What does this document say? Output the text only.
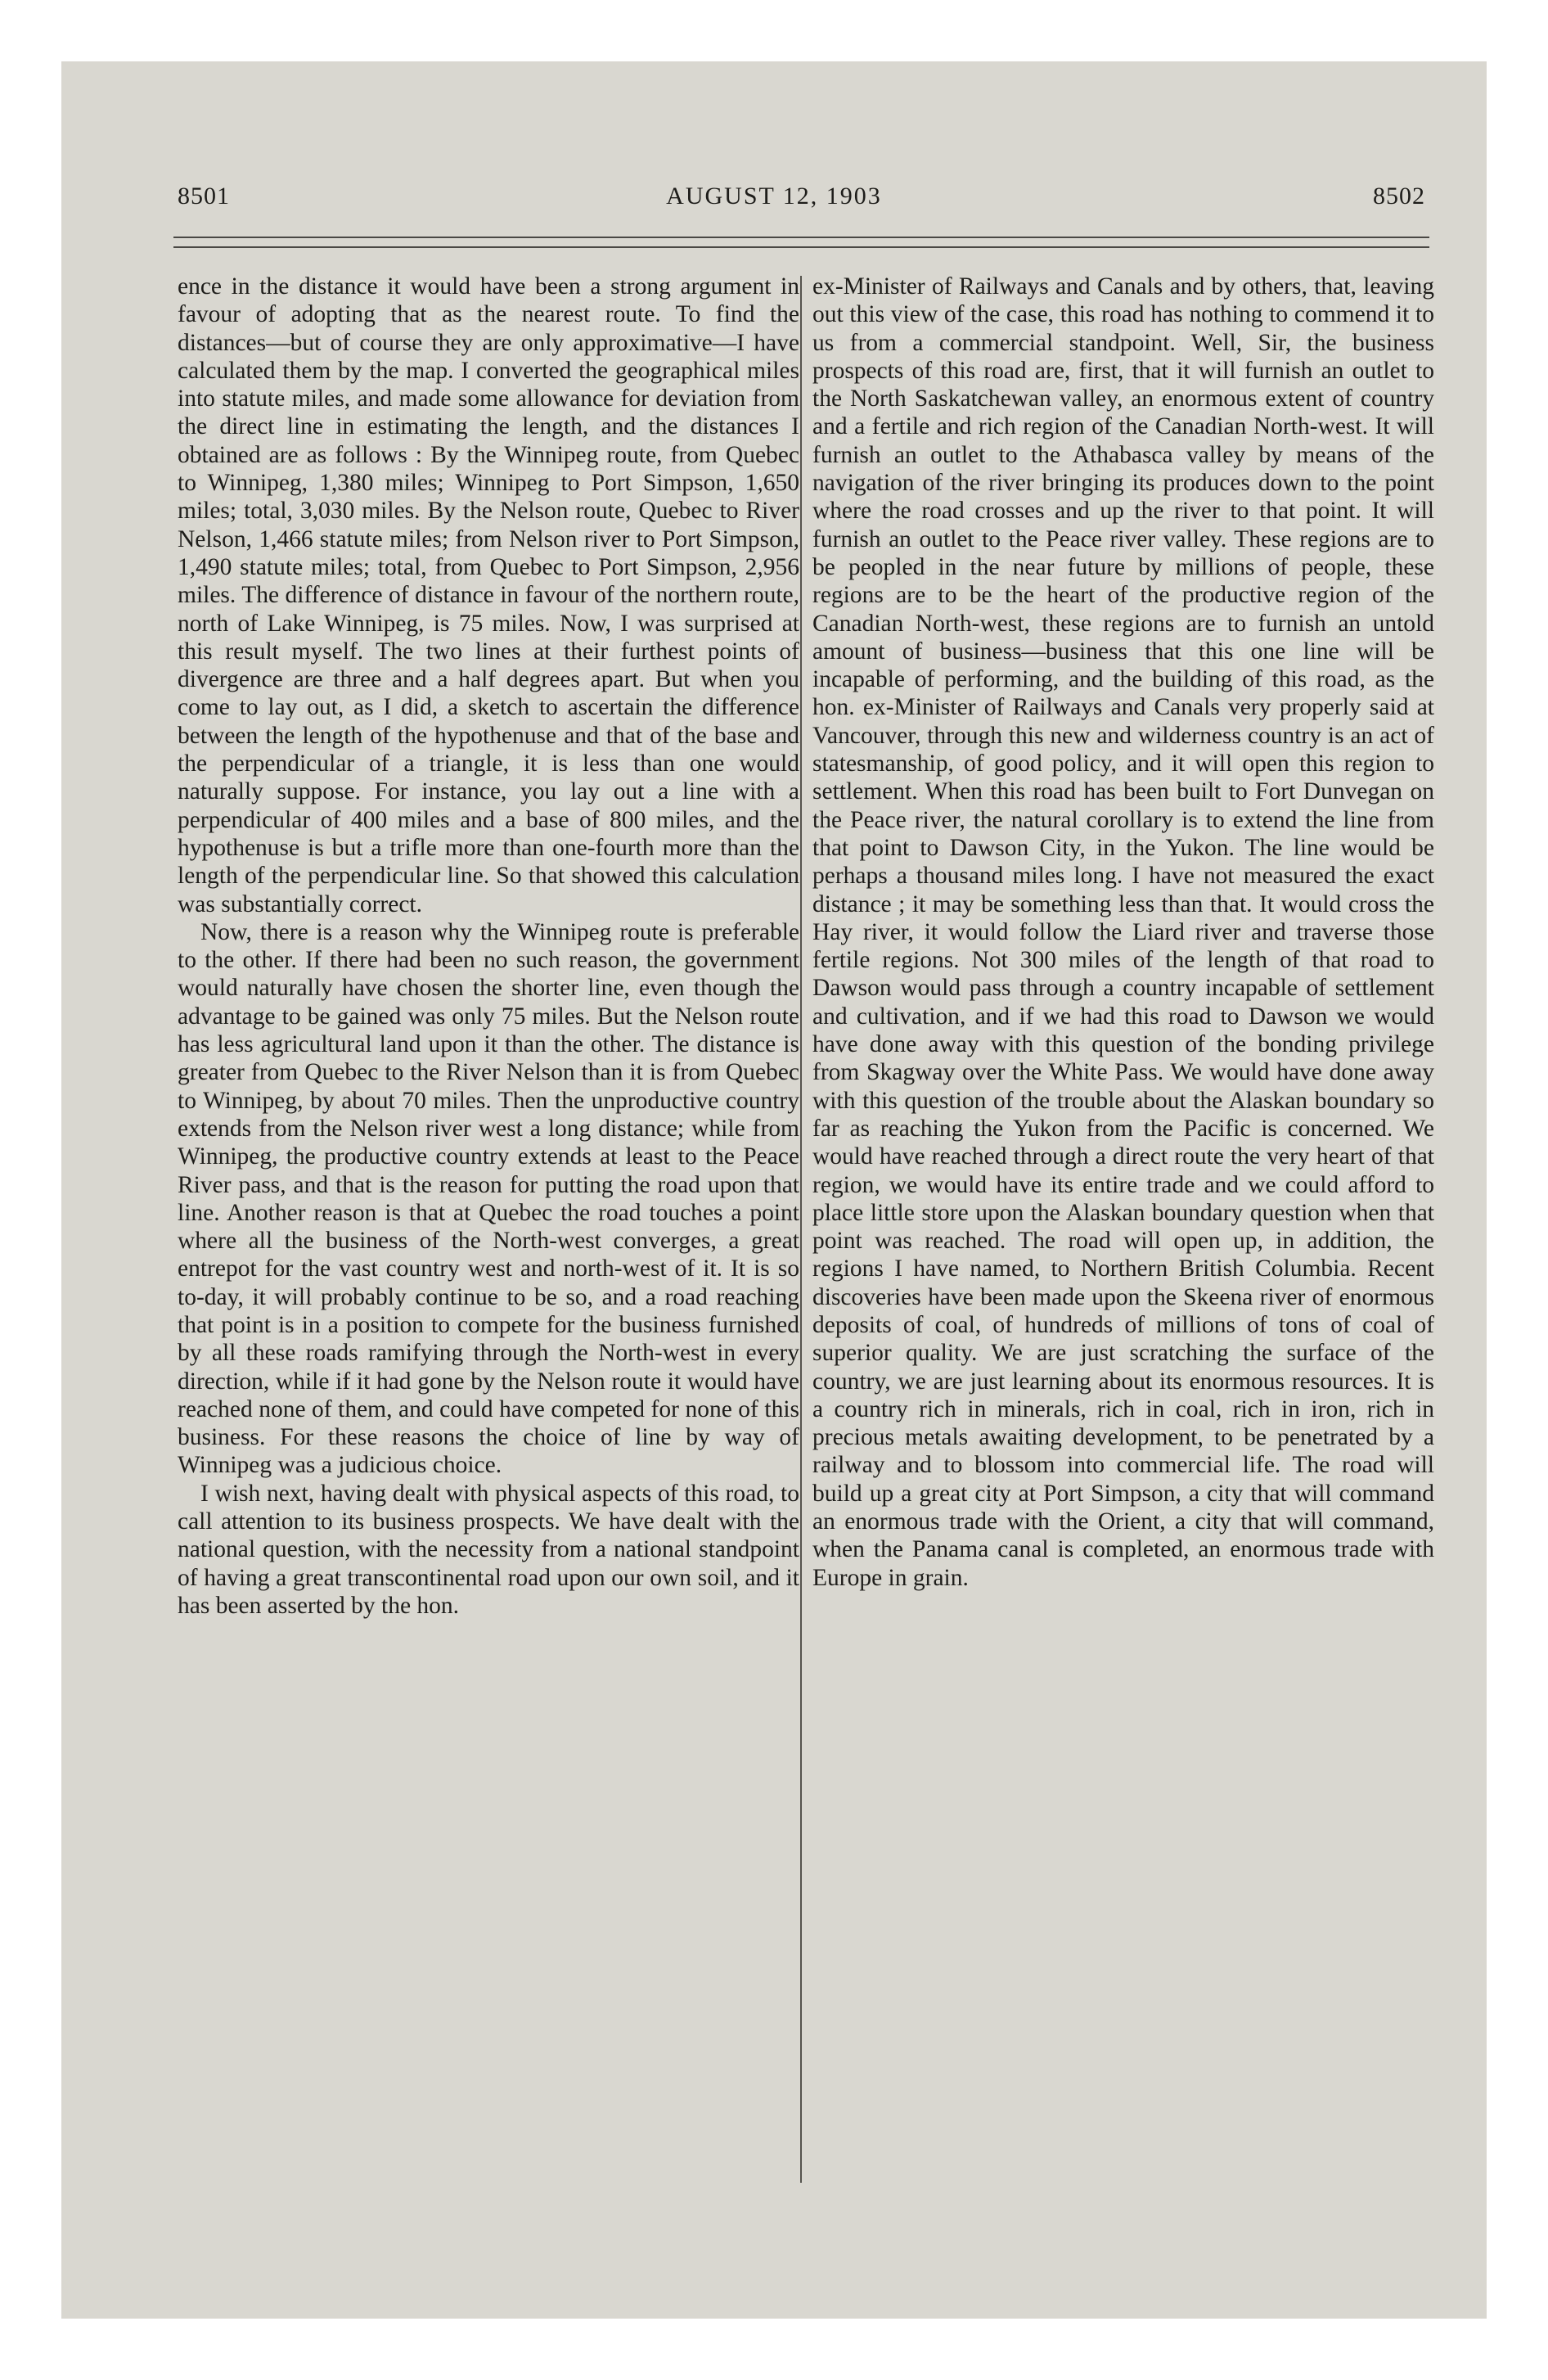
8501	AUGUST 12, 1903	8502

ence in the distance it would have been a strong argument in favour of adopting that as the nearest route. To find the distances—but of course they are only approximative—I have calculated them by the map. I converted the geographical miles into statute miles, and made some allowance for deviation from the direct line in estimating the length, and the distances I obtained are as follows : By the Winnipeg route, from Quebec to Winnipeg, 1,380 miles; Winnipeg to Port Simpson, 1,650 miles; total, 3,030 miles. By the Nelson route, Quebec to River Nelson, 1,466 statute miles; from Nelson river to Port Simpson, 1,490 statute miles; total, from Quebec to Port Simpson, 2,956 miles. The difference of distance in favour of the northern route, north of Lake Winnipeg, is 75 miles. Now, I was surprised at this result myself. The two lines at their furthest points of divergence are three and a half degrees apart. But when you come to lay out, as I did, a sketch to ascertain the difference between the length of the hypothenuse and that of the base and the perpendicular of a triangle, it is less than one would naturally suppose. For instance, you lay out a line with a perpendicular of 400 miles and a base of 800 miles, and the hypothenuse is but a trifle more than one-fourth more than the length of the perpendicular line. So that showed this calculation was substantially correct.

Now, there is a reason why the Winnipeg route is preferable to the other. If there had been no such reason, the government would naturally have chosen the shorter line, even though the advantage to be gained was only 75 miles. But the Nelson route has less agricultural land upon it than the other. The distance is greater from Quebec to the River Nelson than it is from Quebec to Winnipeg, by about 70 miles. Then the unproductive country extends from the Nelson river west a long distance; while from Winnipeg, the productive country extends at least to the Peace River pass, and that is the reason for putting the road upon that line. Another reason is that at Quebec the road touches a point where all the business of the North-west converges, a great entrepot for the vast country west and north-west of it. It is so to-day, it will probably continue to be so, and a road reaching that point is in a position to compete for the business furnished by all these roads ramifying through the North-west in every direction, while if it had gone by the Nelson route it would have reached none of them, and could have competed for none of this business. For these reasons the choice of line by way of Winnipeg was a judicious choice.

I wish next, having dealt with physical aspects of this road, to call attention to its business prospects. We have dealt with the national question, with the necessity from a national standpoint of having a great transcontinental road upon our own soil, and it has been asserted by the hon.

ex-Minister of Railways and Canals and by others, that, leaving out this view of the case, this road has nothing to commend it to us from a commercial standpoint. Well, Sir, the business prospects of this road are, first, that it will furnish an outlet to the North Saskatchewan valley, an enormous extent of country and a fertile and rich region of the Canadian North-west. It will furnish an outlet to the Athabasca valley by means of the navigation of the river bringing its produces down to the point where the road crosses and up the river to that point. It will furnish an outlet to the Peace river valley. These regions are to be peopled in the near future by millions of people, these regions are to be the heart of the productive region of the Canadian North-west, these regions are to furnish an untold amount of business—business that this one line will be incapable of performing, and the building of this road, as the hon. ex-Minister of Railways and Canals very properly said at Vancouver, through this new and wilderness country is an act of statesmanship, of good policy, and it will open this region to settlement. When this road has been built to Fort Dunvegan on the Peace river, the natural corollary is to extend the line from that point to Dawson City, in the Yukon. The line would be perhaps a thousand miles long. I have not measured the exact distance ; it may be something less than that. It would cross the Hay river, it would follow the Liard river and traverse those fertile regions. Not 300 miles of the length of that road to Dawson would pass through a country incapable of settlement and cultivation, and if we had this road to Dawson we would have done away with this question of the bonding privilege from Skagway over the White Pass. We would have done away with this question of the trouble about the Alaskan boundary so far as reaching the Yukon from the Pacific is concerned. We would have reached through a direct route the very heart of that region, we would have its entire trade and we could afford to place little store upon the Alaskan boundary question when that point was reached. The road will open up, in addition, the regions I have named, to Northern British Columbia. Recent discoveries have been made upon the Skeena river of enormous deposits of coal, of hundreds of millions of tons of coal of superior quality. We are just scratching the surface of the country, we are just learning about its enormous resources. It is a country rich in minerals, rich in coal, rich in iron, rich in precious metals awaiting development, to be penetrated by a railway and to blossom into commercial life. The road will build up a great city at Port Simpson, a city that will command an enormous trade with the Orient, a city that will command, when the Panama canal is completed, an enormous trade with Europe in grain.
